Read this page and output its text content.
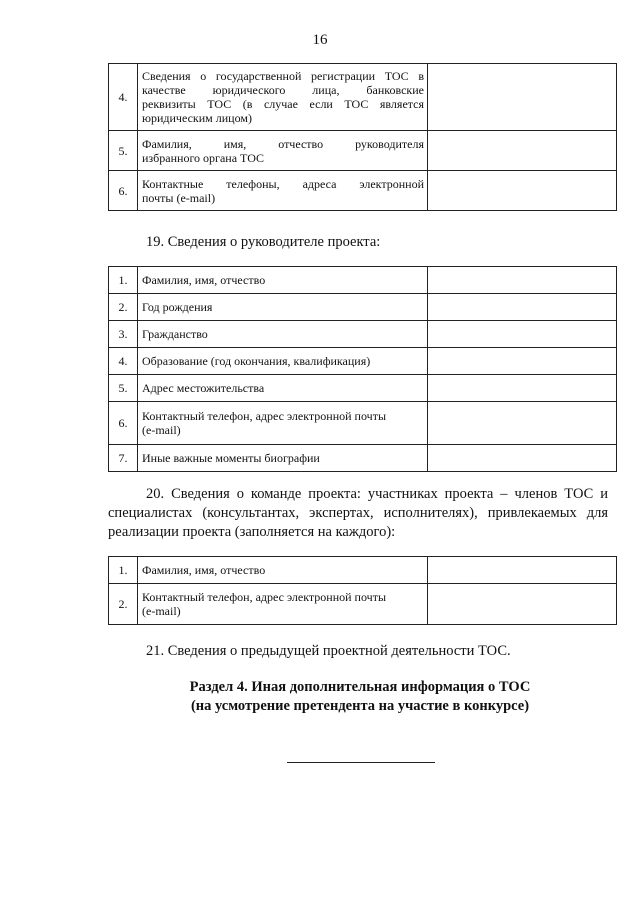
16
4.	Сведения о государственной регистрации ТОС в
качестве юридического лица, банковские
реквизиты ТОС (в случае если ТОС является
юридическим лицом)	

5.	Фамилия, имя, отчество руководителя
избранного органа ТОС	

6.	Контактные телефоны, адреса электронной
почты (e-mail)	

19. Сведения о руководителе проекта:
1.	Фамилия, имя, отчество	
2.	Год рождения	
3.	Гражданство	
4.	Образование (год окончания, квалификация)	
5.	Адрес местожительства	
6.	Контактный телефон, адрес электронной почты
(e-mail)	

7.	Иные важные моменты биографии	
20. Сведения о команде проекта: участниках проекта – членов ТОС и
специалистах (консультантах, экспертах, исполнителях), привлекаемых для
реализации проекта (заполняется на каждого):
1.	Фамилия, имя, отчество	
2.	Контактный телефон, адрес электронной почты
(e-mail)	

21. Сведения о предыдущей проектной деятельности ТОС.
Раздел 4. Иная дополнительная информация о ТОС
(на усмотрение претендента на участие в конкурсе)
